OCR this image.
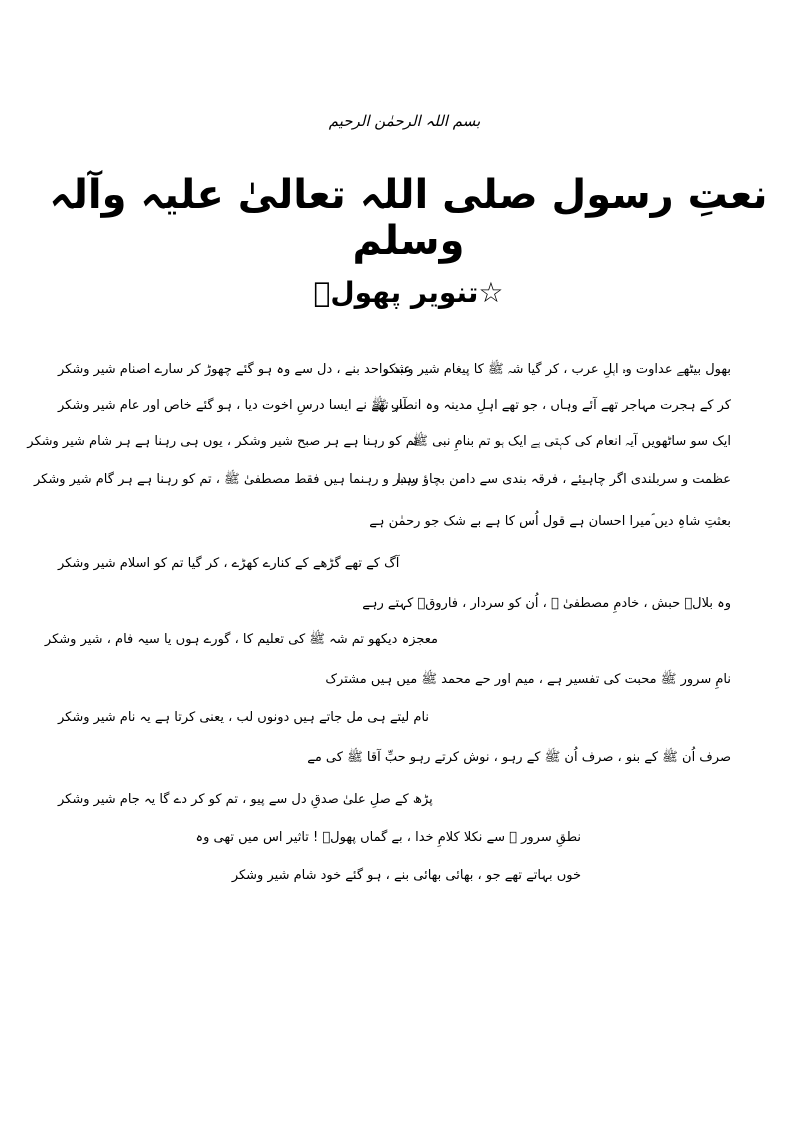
بسم اللہ الرحمٰن الرحیم
نعتِ رسول صلی اللہ تعالیٰ علیہ وآلہ وسلم
☆تنویر پھولؔ
بھول بیٹھے عداوت وہ اہلِ عرب ، کر گیا شہ ﷺ کا پیغام شیر وشکر
عبد واحد بنے ، دل سے وہ ہو گئے چھوڑ کر سارے اصنام شیر وشکر
کر کے ہجرت مہاجر تھے آئے وہاں ، جو تھے اہلِ مدینہ وہ انصار تھے
آپ ﷺ نے ایسا درسِ اخوت دیا ، ہو گئے خاص اور عام شیر وشکر
ایک سو ساٹھویں آیہ انعام کی کہتی ہے ایک ہو تم بنامِ نبی ﷺ
تم کو رہنا ہے ہر صبح شیر وشکر ، یوں ہی رہنا ہے ہر شام شیر وشکر
عظمت و سربلندی اگر چاہیئے ، فرقہ بندی سے دامن بچاؤ سدا
رہبر و رہنما ہیں فقط مصطفیٰ ﷺ ، تم کو رہنا ہے ہر گام شیر وشکر
بعثتِ شاہِ دیں ؐمیرا احسان ہے قول اُس کا ہے بے شک جو رحمٰن ہے
آگ کے تھے گڑھے کے کنارے کھڑے ، کر گیا تم کو اسلام شیر وشکر
وہ بلالؓ حبش ، خادمِ مصطفیٰ ﷺ ، اُن کو سردار ، فاروقؓ کہتے رہے
معجزہ دیکھو تم شہ ﷺ کی تعلیم کا ، گورے ہوں یا سیہ فام ، شیر وشکر
نامِ سرور ﷺ محبت کی تفسیر ہے ، میم اور حے محمد ﷺ میں ہیں مشترک
نام لیتے ہی مل جاتے ہیں دونوں لب ، یعنی کرتا ہے یہ نام شیر وشکر
صرف اُن ﷺ کے بنو ، صرف اُن ﷺ کے رہو ، نوش کرتے رہو حبِّ آقا ﷺ کی مے
پڑھ کے صلِ علیٰ صدقِ دل سے پیو ، تم کو کر دے گا یہ جام شیر وشکر
نطقِ سرور ﷺ سے نکلا کلامِ خدا ، بے گماں پھولؔ ! تاثیر اس میں تھی وہ
خوں بہاتے تھے جو ، بھائی بھائی بنے ، ہو گئے خود شام شیر وشکر
